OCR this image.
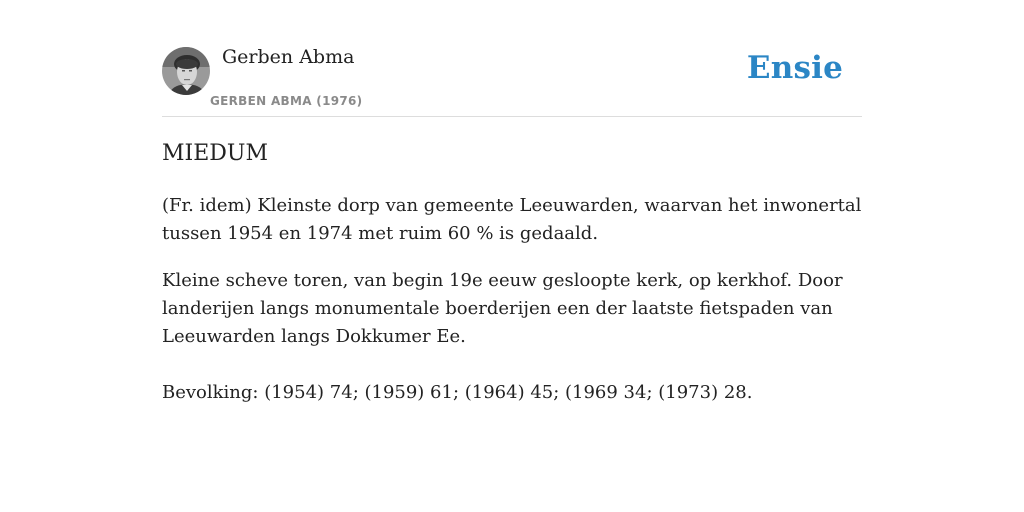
Gerben Abma
GERBEN ABMA (1976)
Ensie
MIEDUM
(Fr. idem) Kleinste dorp van gemeente Leeuwarden, waarvan het inwonertal tussen 1954 en 1974 met ruim 60 % is gedaald.
Kleine scheve toren, van begin 19e eeuw gesloopte kerk, op kerkhof. Door landerijen langs monumentale boerderijen een der laatste fietspaden van Leeuwarden langs Dokkumer Ee.
Bevolking: (1954) 74; (1959) 61; (1964) 45; (1969 34; (1973) 28.
